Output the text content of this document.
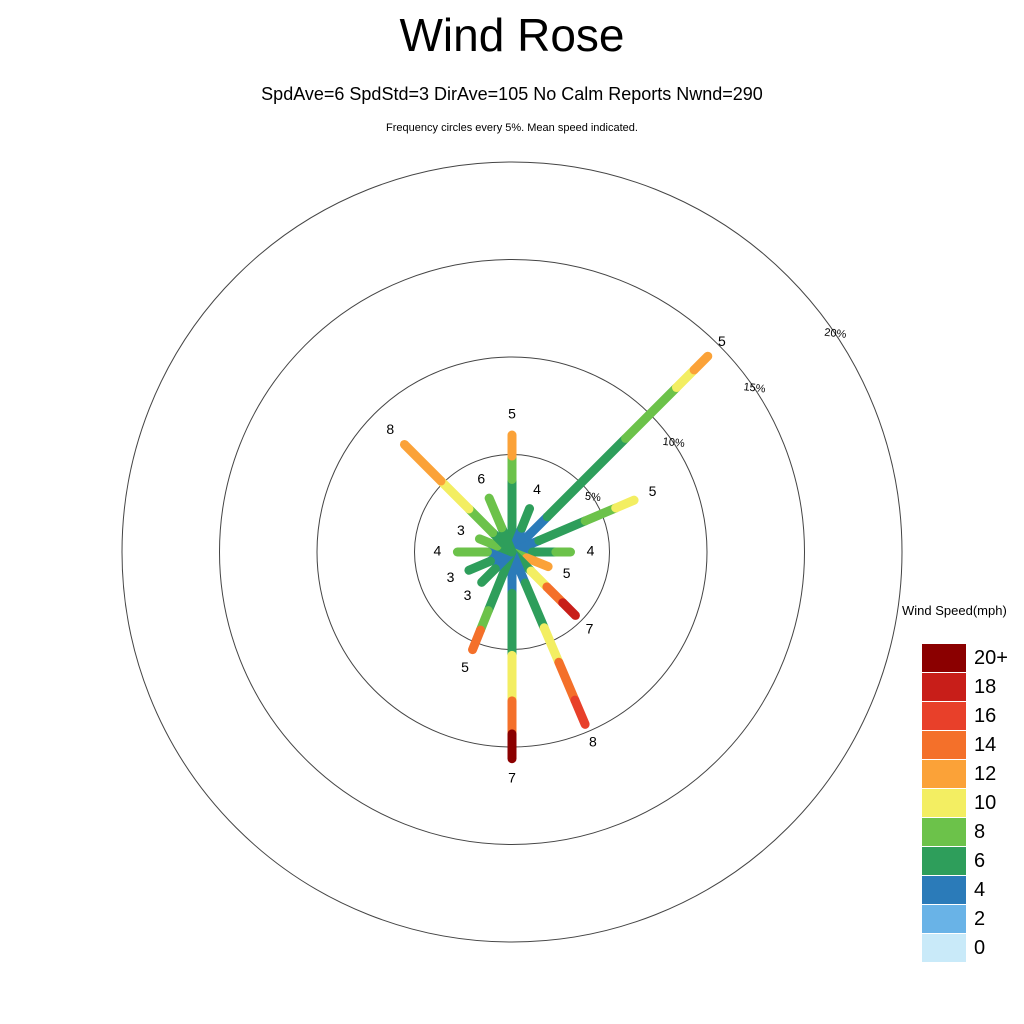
Wind Rose
SpdAve=6 SpdStd=3 DirAve=105 No Calm Reports Nwnd=290
Frequency circles every 5%. Mean speed indicated.
5%
10%
15%
20%
5
4
5
5
4
5
7
8
7
5
3
3
4
3
8
6
Wind Speed(mph)
20+
18
16
14
12
10
8
6
4
2
0
